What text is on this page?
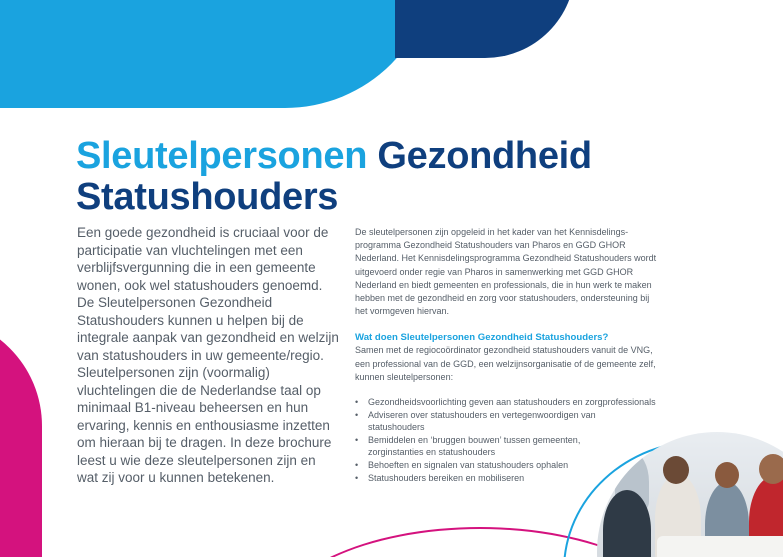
Sleutelpersonen Gezondheid
Statushouders

Een goede gezondheid is cruciaal voor de participatie van vluchtelingen met een verblijfsvergunning die in een gemeente wonen, ook wel statushouders genoemd. De Sleutelpersonen Gezondheid Statushouders kunnen u helpen bij de integrale aanpak van gezondheid en welzijn van statushouders in uw gemeente/regio. Sleutelpersonen zijn (voormalig) vluchtelingen die de Nederlandse taal op minimaal B1-niveau beheersen en hun ervaring, kennis en enthousiasme inzetten om hieraan bij te dragen. In deze brochure leest u wie deze sleutelpersonen zijn en wat zij voor u kunnen betekenen.

De sleutelpersonen zijn opgeleid in het kader van het Kennisdelings-programma Gezondheid Statushouders van Pharos en GGD GHOR Nederland. Het Kennisdelingsprogramma Gezondheid Statushouders wordt uitgevoerd onder regie van Pharos in samenwerking met GGD GHOR Nederland en biedt gemeenten en professionals, die in hun werk te maken hebben met de gezondheid en zorg voor statushouders, ondersteuning bij het vormgeven hiervan.

Wat doen Sleutelpersonen Gezondheid Statushouders?

Samen met de regiocoördinator gezondheid statushouders vanuit de VNG, een professional van de GGD, een welzijnsorganisatie of de gemeente zelf, kunnen sleutelpersonen:

• Gezondheidsvoorlichting geven aan statushouders en zorgprofessionals
• Adviseren over statushouders en vertegenwoordigen van statushouders
• Bemiddelen en ‘bruggen bouwen’ tussen gemeenten, zorginstanties en statushouders
• Behoeften en signalen van statushouders ophalen
• Statushouders bereiken en mobiliseren
